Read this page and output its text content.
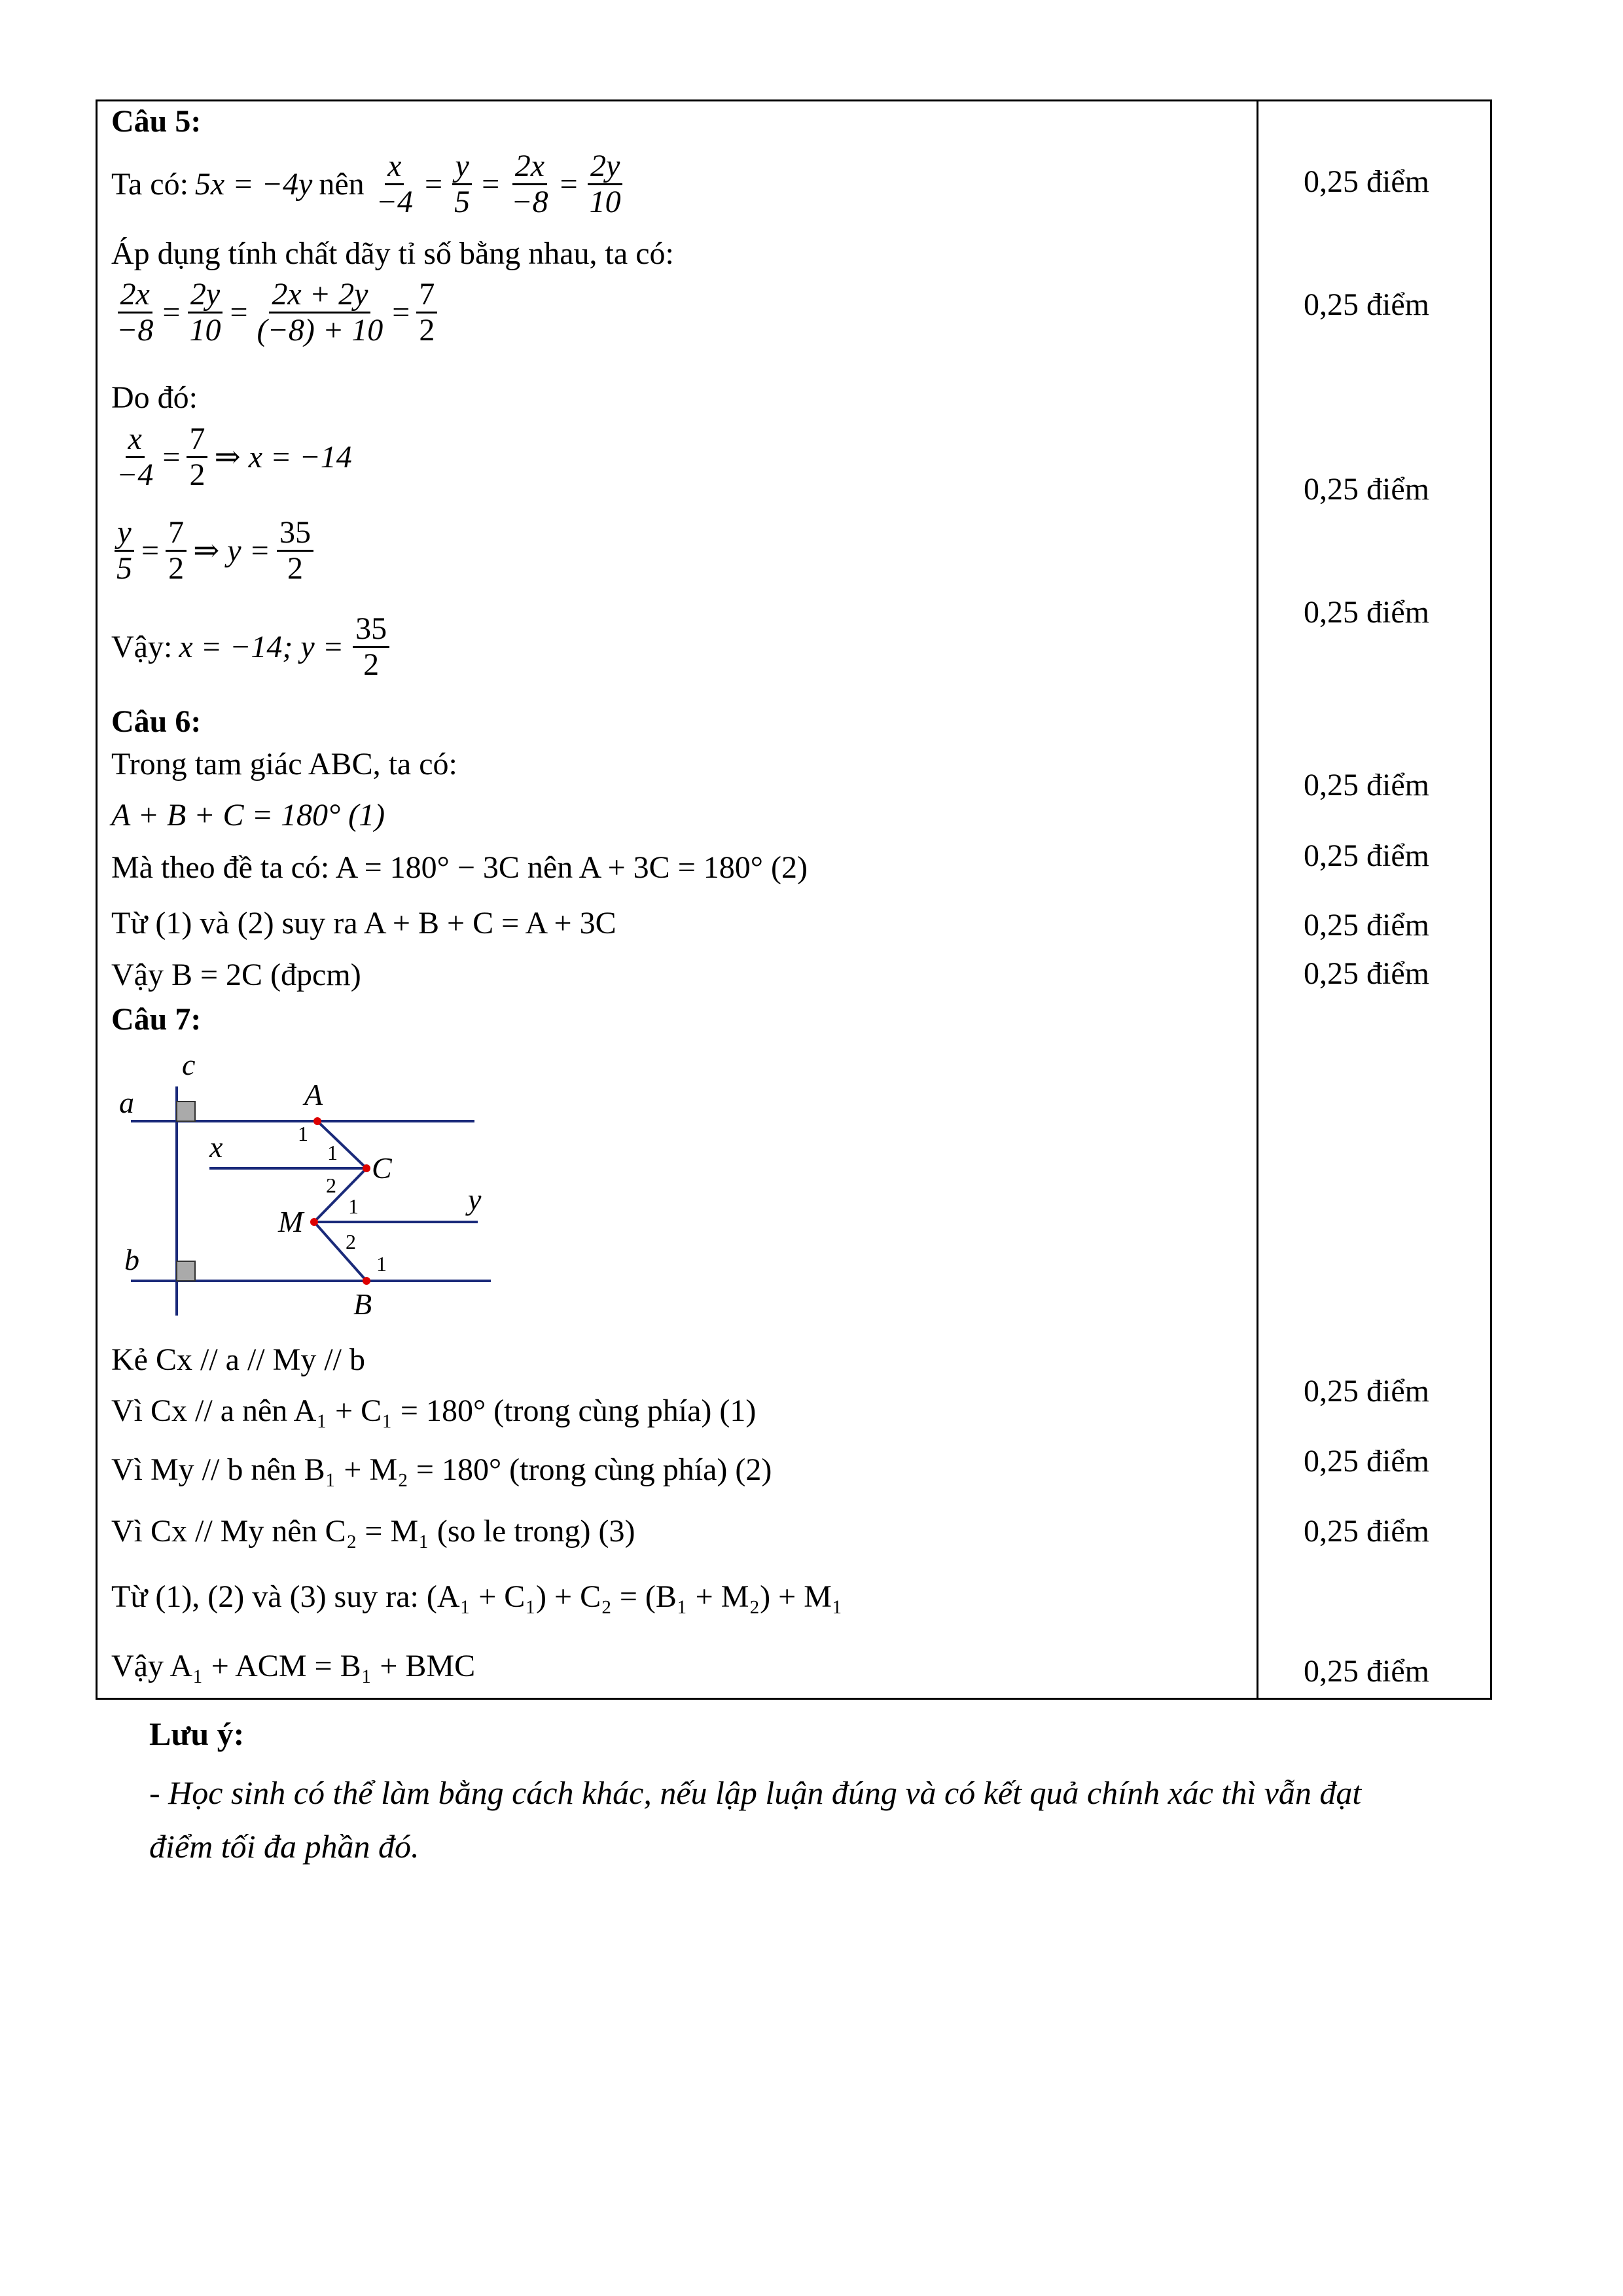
Câu 5:
Ta có: 5x = −4y nên $\frac{x}{-4} = \frac{y}{5} = \frac{2x}{-8} = \frac{2y}{10}$
Áp dụng tính chất dãy tỉ số bằng nhau, ta có:
$\frac{2x}{-8} = \frac{2y}{10} = \frac{2x + 2y}{(-8) + 10} = \frac{7}{2}$
Do đó:
$\frac{x}{-4} = \frac{7}{2}$ ⇒ x = −14
$\frac{y}{5} = \frac{7}{2}$ ⇒ $y = \frac{35}{2}$
Vậy: x = −14; $y = \frac{35}{2}$
Câu 6:
Trong tam giác ABC, ta có:
A + B + C = 180° (1)
Mà theo đề ta có: A = 180° − 3C nên A + 3C = 180° (2)
Từ (1) và (2) suy ra A + B + C = A + 3C
Vậy B = 2C (đpcm)
Câu 7:
c
a	A
x
C
y
M
b
B
1
1
2
1
2
1
Kẻ Cx // a // My // b
Vì Cx // a nên A₁ + C₁ = 180° (trong cùng phía) (1)
Vì My // b nên B₁ + M₂ = 180° (trong cùng phía) (2)
Vì Cx // My nên C₂ = M₁ (so le trong) (3)
Từ (1), (2) và (3) suy ra: (A₁ + C₁) + C₂ = (B₁ + M₂) + M₁
Vậy A₁ + ACM = B₁ + BMC
0,25 điểm
0,25 điểm
0,25 điểm
0,25 điểm
0,25 điểm
0,25 điểm
0,25 điểm
0,25 điểm
0,25 điểm
0,25 điểm
0,25 điểm
0,25 điểm
Lưu ý:
- Học sinh có thể làm bằng cách khác, nếu lập luận đúng và có kết quả chính xác thì vẫn đạt
điểm tối đa phần đó.
